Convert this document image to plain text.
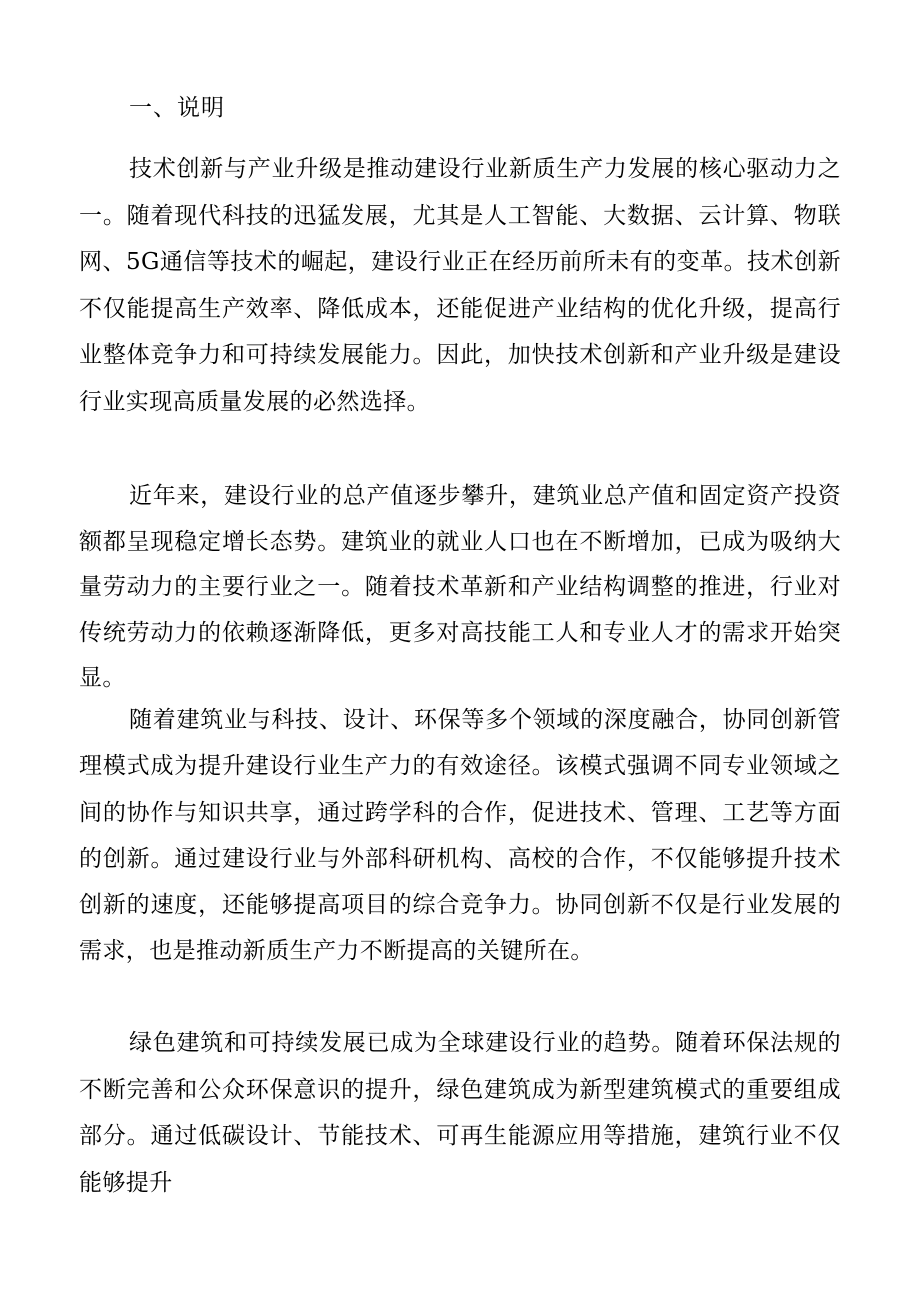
一、说明

技术创新与产业升级是推动建设行业新质生产力发展的核心驱动力之一。随着现代科技的迅猛发展，尤其是人工智能、大数据、云计算、物联网、5G通信等技术的崛起，建设行业正在经历前所未有的变革。技术创新不仅能提高生产效率、降低成本，还能促进产业结构的优化升级，提高行业整体竞争力和可持续发展能力。因此，加快技术创新和产业升级是建设行业实现高质量发展的必然选择。

近年来，建设行业的总产值逐步攀升，建筑业总产值和固定资产投资额都呈现稳定增长态势。建筑业的就业人口也在不断增加，已成为吸纳大量劳动力的主要行业之一。随着技术革新和产业结构调整的推进，行业对传统劳动力的依赖逐渐降低，更多对高技能工人和专业人才的需求开始突显。

随着建筑业与科技、设计、环保等多个领域的深度融合，协同创新管理模式成为提升建设行业生产力的有效途径。该模式强调不同专业领域之间的协作与知识共享，通过跨学科的合作，促进技术、管理、工艺等方面的创新。通过建设行业与外部科研机构、高校的合作，不仅能够提升技术创新的速度，还能够提高项目的综合竞争力。协同创新不仅是行业发展的需求，也是推动新质生产力不断提高的关键所在。

绿色建筑和可持续发展已成为全球建设行业的趋势。随着环保法规的不断完善和公众环保意识的提升，绿色建筑成为新型建筑模式的重要组成部分。通过低碳设计、节能技术、可再生能源应用等措施，建筑行业不仅能够提升
